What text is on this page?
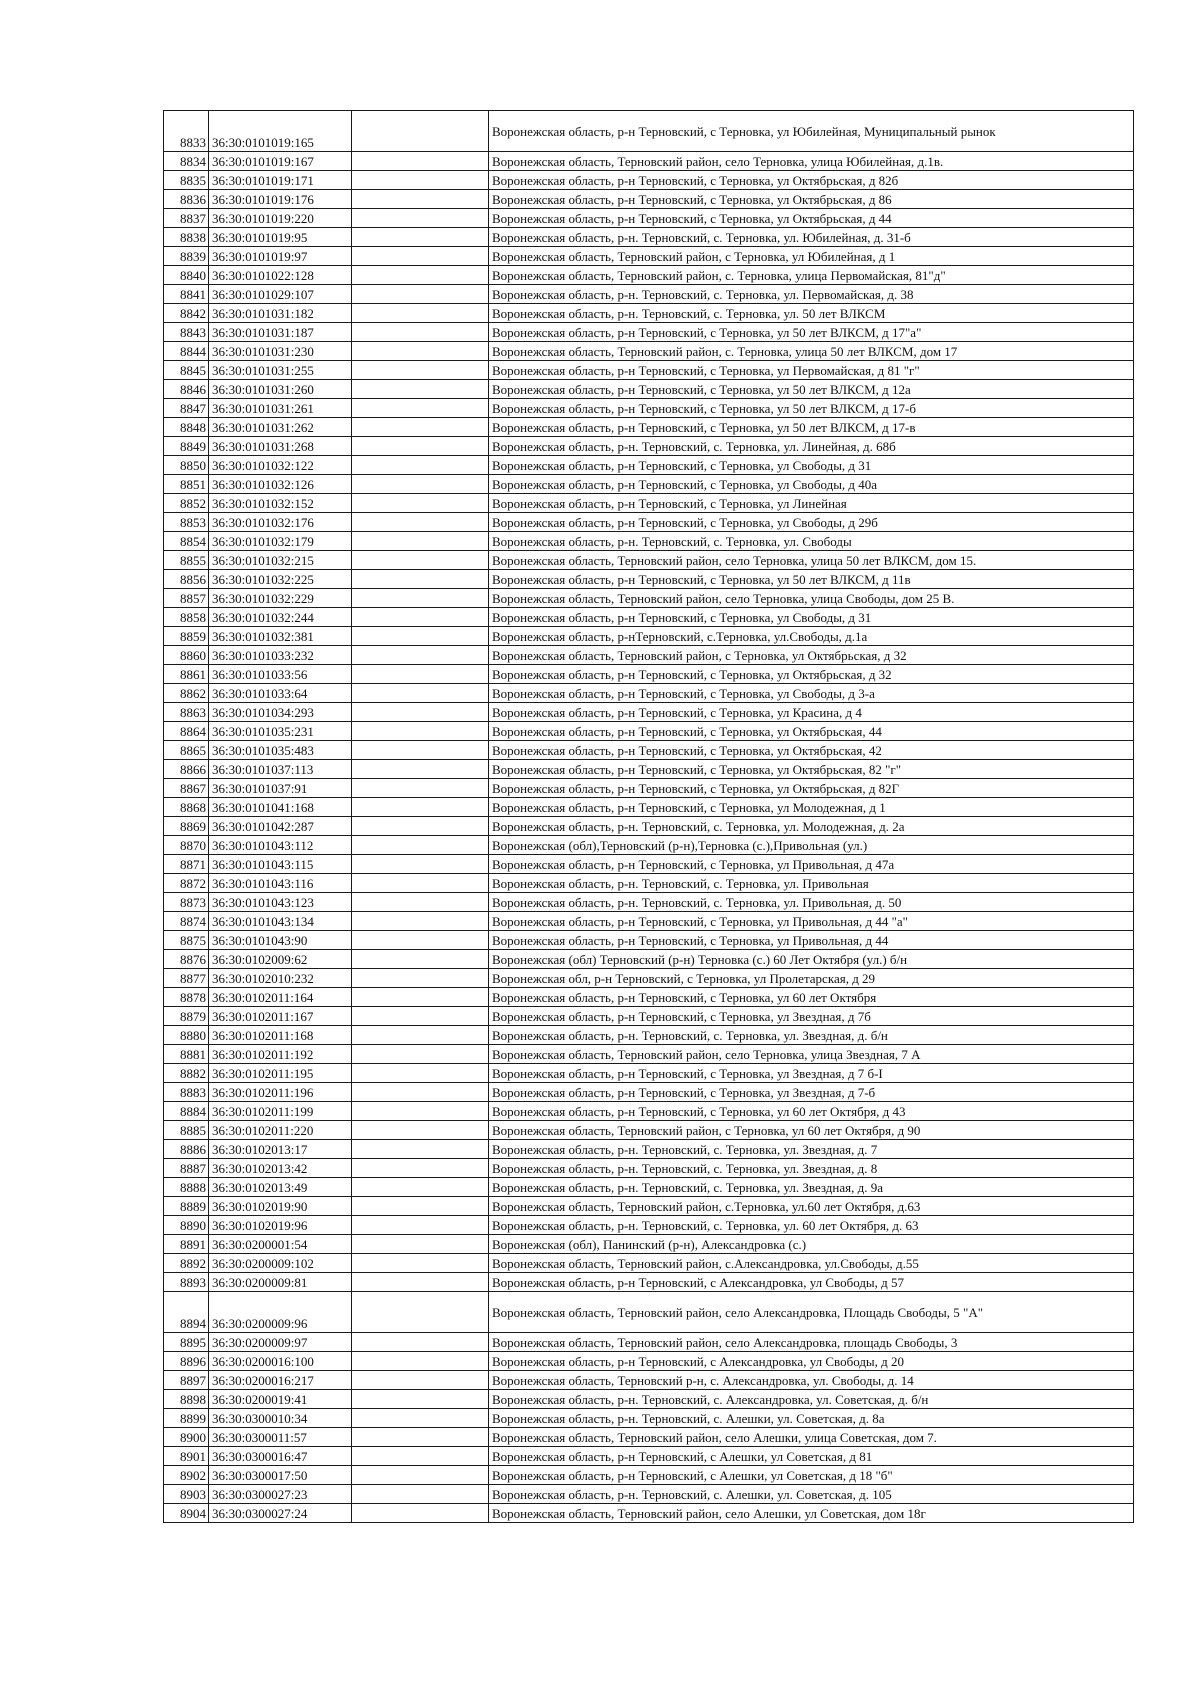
8833	36:30:0101019:165		Воронежская область, р-н Терновский, с Терновка, ул Юбилейная, Муниципальный рынок
8834	36:30:0101019:167		Воронежская область, Терновский район, село Терновка, улица Юбилейная, д.1в.
8835	36:30:0101019:171		Воронежская область, р-н Терновский, с Терновка, ул Октябрьская, д 82б
8836	36:30:0101019:176		Воронежская область, р-н Терновский, с Терновка, ул Октябрьская, д 86
8837	36:30:0101019:220		Воронежская область, р-н Терновский, с Терновка, ул Октябрьская, д 44
8838	36:30:0101019:95		Воронежская область, р-н. Терновский, с. Терновка, ул. Юбилейная, д. 31-б
8839	36:30:0101019:97		Воронежская область, Терновский район, с Терновка, ул Юбилейная, д 1
8840	36:30:0101022:128		Воронежская область, Терновский район, с. Терновка, улица Первомайская, 81"д"
8841	36:30:0101029:107		Воронежская область, р-н. Терновский, с. Терновка, ул. Первомайская, д. 38
8842	36:30:0101031:182		Воронежская область, р-н. Терновский, с. Терновка, ул. 50 лет ВЛКСМ
8843	36:30:0101031:187		Воронежская область, р-н Терновский, с Терновка, ул 50 лет ВЛКСМ, д 17"а"
8844	36:30:0101031:230		Воронежская область, Терновский район, с. Терновка, улица 50 лет ВЛКСМ, дом 17
8845	36:30:0101031:255		Воронежская область, р-н Терновский, с Терновка, ул Первомайская, д 81 "г"
8846	36:30:0101031:260		Воронежская область, р-н Терновский, с Терновка, ул 50 лет ВЛКСМ, д 12а
8847	36:30:0101031:261		Воронежская область, р-н Терновский, с Терновка, ул 50 лет ВЛКСМ, д 17-б
8848	36:30:0101031:262		Воронежская область, р-н Терновский, с Терновка, ул 50 лет ВЛКСМ, д 17-в
8849	36:30:0101031:268		Воронежская область, р-н. Терновский, с. Терновка, ул. Линейная, д. 68б
8850	36:30:0101032:122		Воронежская область, р-н Терновский, с Терновка, ул Свободы, д 31
8851	36:30:0101032:126		Воронежская область, р-н Терновский, с Терновка, ул Свободы, д 40а
8852	36:30:0101032:152		Воронежская область, р-н Терновский, с Терновка, ул Линейная
8853	36:30:0101032:176		Воронежская область, р-н Терновский, с Терновка, ул Свободы, д 29б
8854	36:30:0101032:179		Воронежская область, р-н. Терновский, с. Терновка, ул. Свободы
8855	36:30:0101032:215		Воронежская область, Терновский район, село Терновка, улица 50 лет ВЛКСМ, дом 15.
8856	36:30:0101032:225		Воронежская область, р-н Терновский, с Терновка, ул 50 лет ВЛКСМ, д 11в
8857	36:30:0101032:229		Воронежская область, Терновский район, село Терновка, улица Свободы, дом 25 В.
8858	36:30:0101032:244		Воронежская область, р-н Терновский, с Терновка, ул Свободы, д 31
8859	36:30:0101032:381		Воронежская область, р-нТерновский, с.Терновка, ул.Свободы, д.1а
8860	36:30:0101033:232		Воронежская область, Терновский район, с Терновка, ул Октябрьская, д 32
8861	36:30:0101033:56		Воронежская область, р-н Терновский, с Терновка, ул Октябрьская, д 32
8862	36:30:0101033:64		Воронежская область, р-н Терновский, с Терновка, ул Свободы, д 3-а
8863	36:30:0101034:293		Воронежская область, р-н Терновский, с Терновка, ул Красина, д 4
8864	36:30:0101035:231		Воронежская область, р-н Терновский, с Терновка, ул Октябрьская, 44
8865	36:30:0101035:483		Воронежская область, р-н Терновский, с Терновка, ул Октябрьская, 42
8866	36:30:0101037:113		Воронежская область, р-н Терновский, с Терновка, ул Октябрьская, 82 "г"
8867	36:30:0101037:91		Воронежская область, р-н Терновский, с Терновка, ул Октябрьская, д 82Г
8868	36:30:0101041:168		Воронежская область, р-н Терновский, с Терновка, ул Молодежная, д 1
8869	36:30:0101042:287		Воронежская область, р-н. Терновский, с. Терновка, ул. Молодежная, д. 2а
8870	36:30:0101043:112		Воронежская (обл),Терновский (р-н),Терновка (с.),Привольная (ул.)
8871	36:30:0101043:115		Воронежская область, р-н Терновский, с Терновка, ул Привольная, д 47а
8872	36:30:0101043:116		Воронежская область, р-н. Терновский, с. Терновка, ул. Привольная
8873	36:30:0101043:123		Воронежская область, р-н. Терновский, с. Терновка, ул. Привольная, д. 50
8874	36:30:0101043:134		Воронежская область, р-н Терновский, с Терновка, ул Привольная, д 44 "а"
8875	36:30:0101043:90		Воронежская область, р-н Терновский, с Терновка, ул Привольная, д 44
8876	36:30:0102009:62		Воронежская (обл) Терновский (р-н) Терновка (с.) 60 Лет Октября (ул.) б/н
8877	36:30:0102010:232		Воронежская обл, р-н Терновский, с Терновка, ул Пролетарская, д 29
8878	36:30:0102011:164		Воронежская область, р-н Терновский, с Терновка, ул 60 лет Октября
8879	36:30:0102011:167		Воронежская область, р-н Терновский, с Терновка, ул Звездная, д 7б
8880	36:30:0102011:168		Воронежская область, р-н. Терновский, с. Терновка, ул. Звездная, д. б/н
8881	36:30:0102011:192		Воронежская область, Терновский район, село Терновка, улица Звездная, 7 А
8882	36:30:0102011:195		Воронежская область, р-н Терновский, с Терновка, ул Звездная, д 7 б-I
8883	36:30:0102011:196		Воронежская область, р-н Терновский, с Терновка, ул Звездная, д 7-б
8884	36:30:0102011:199		Воронежская область, р-н Терновский, с Терновка, ул 60 лет Октября, д 43
8885	36:30:0102011:220		Воронежская область, Терновский район, с Терновка, ул 60 лет Октября, д 90
8886	36:30:0102013:17		Воронежская область, р-н. Терновский, с. Терновка, ул. Звездная, д. 7
8887	36:30:0102013:42		Воронежская область, р-н. Терновский, с. Терновка, ул. Звездная, д. 8
8888	36:30:0102013:49		Воронежская область, р-н. Терновский, с. Терновка, ул. Звездная, д. 9а
8889	36:30:0102019:90		Воронежская область, Терновский район, с.Терновка, ул.60 лет Октября, д.63
8890	36:30:0102019:96		Воронежская область, р-н. Терновский, с. Терновка, ул. 60 лет Октября, д. 63
8891	36:30:0200001:54		Воронежская (обл), Панинский (р-н), Александровка (с.)
8892	36:30:0200009:102		Воронежская область, Терновский район, с.Александровка, ул.Свободы, д.55
8893	36:30:0200009:81		Воронежская область, р-н Терновский, с Александровка, ул Свободы, д 57
8894	36:30:0200009:96		Воронежская область, Терновский район, село Александровка, Площадь Свободы, 5 "А"
8895	36:30:0200009:97		Воронежская область, Терновский район, село Александровка, площадь Свободы, 3
8896	36:30:0200016:100		Воронежская область, р-н Терновский, с Александровка, ул Свободы, д 20
8897	36:30:0200016:217		Воронежская область, Терновский р-н, с. Александровка, ул. Свободы, д. 14
8898	36:30:0200019:41		Воронежская область, р-н. Терновский, с. Александровка, ул. Советская, д. б/н
8899	36:30:0300010:34		Воронежская область, р-н. Терновский, с. Алешки, ул. Советская, д. 8а
8900	36:30:0300011:57		Воронежская область, Терновский район, село Алешки, улица Советская, дом 7.
8901	36:30:0300016:47		Воронежская область, р-н Терновский, с Алешки, ул Советская, д 81
8902	36:30:0300017:50		Воронежская область, р-н Терновский, с Алешки, ул Советская, д 18 "б"
8903	36:30:0300027:23		Воронежская область, р-н. Терновский, с. Алешки, ул. Советская, д. 105
8904	36:30:0300027:24		Воронежская область, Терновский район, село Алешки, ул Советская, дом 18г
